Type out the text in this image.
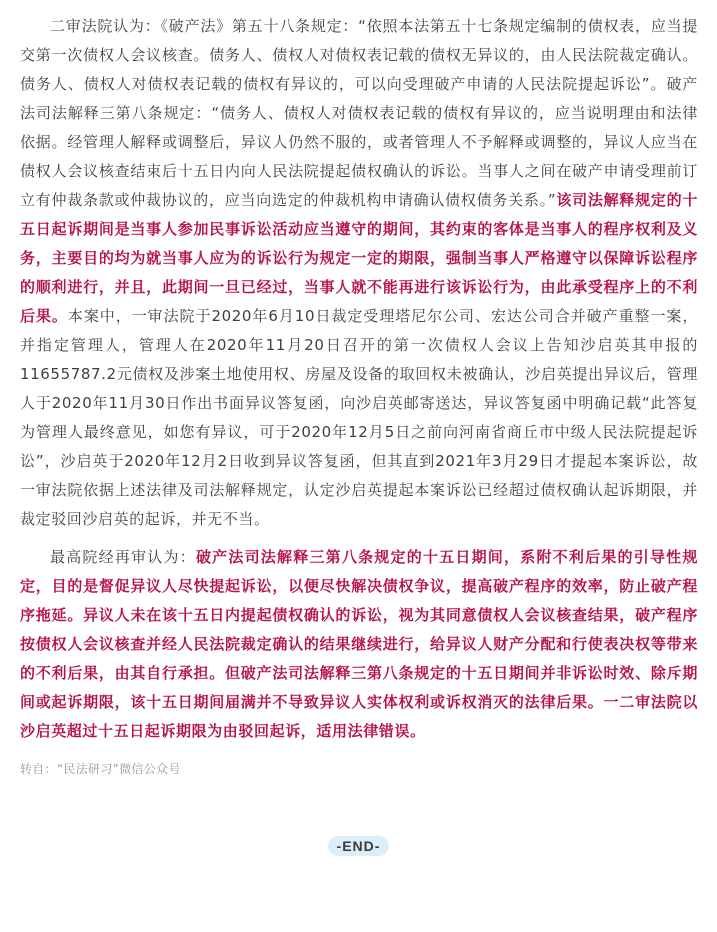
二审法院认为：《破产法》第五十八条规定：“依照本法第五十七条规定编制的债权表，应当提交第一次债权人会议核查。债务人、债权人对债权表记载的债权无异议的，由人民法院裁定确认。债务人、债权人对债权表记载的债权有异议的，可以向受理破产申请的人民法院提起诉讼”。破产法司法解释三第八条规定：“债务人、债权人对债权表记载的债权有异议的，应当说明理由和法律依据。经管理人解释或调整后，异议人仍然不服的，或者管理人不予解释或调整的，异议人应当在债权人会议核查结束后十五日内向人民法院提起债权确认的诉讼。当事人之间在破产申请受理前订立有仲裁条款或仲裁协议的，应当向选定的仲裁机构申请确认债权债务关系。”该司法解释规定的十五日起诉期间是当事人参加民事诉讼活动应当遵守的期间，其约束的客体是当事人的程序权利及义务，主要目的均为就当事人应为的诉讼行为规定一定的期限，强制当事人严格遵守以保障诉讼程序的顺利进行，并且，此期间一旦已经过，当事人就不能再进行该诉讼行为，由此承受程序上的不利后果。本案中，一审法院于2020年6月10日裁定受理塔尼尔公司、宏达公司合并破产重整一案，并指定管理人，管理人在2020年11月20日召开的第一次债权人会议上告知沙启英其申报的11655787.2元债权及涉案土地使用权、房屋及设备的取回权未被确认，沙启英提出异议后，管理人于2020年11月30日作出书面异议答复函，向沙启英邮寄送达，异议答复函中明确记载“此答复为管理人最终意见，如您有异议，可于2020年12月5日之前向河南省商丘市中级人民法院提起诉讼”，沙启英于2020年12月2日收到异议答复函，但其直到2021年3月29日才提起本案诉讼，故一审法院依据上述法律及司法解释规定，认定沙启英提起本案诉讼已经超过债权确认起诉期限，并裁定驳回沙启英的起诉，并无不当。

最高院经再审认为：破产法司法解释三第八条规定的十五日期间，系附不利后果的引导性规定，目的是督促异议人尽快提起诉讼，以便尽快解决债权争议，提高破产程序的效率，防止破产程序拖延。异议人未在该十五日内提起债权确认的诉讼，视为其同意债权人会议核查结果，破产程序按债权人会议核查并经人民法院裁定确认的结果继续进行，给异议人财产分配和行使表决权等带来的不利后果，由其自行承担。但破产法司法解释三第八条规定的十五日期间并非诉讼时效、除斥期间或起诉期限，该十五日期间届满并不导致异议人实体权利或诉权消灭的法律后果。一二审法院以沙启英超过十五日起诉期限为由驳回起诉，适用法律错误。

转自：“民法研习”微信公众号
-END-
